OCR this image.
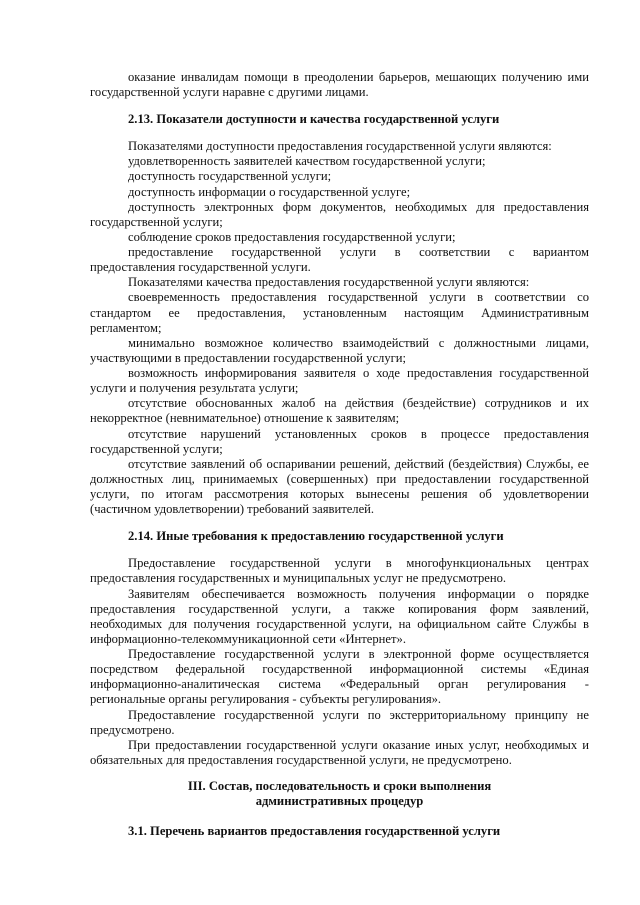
оказание инвалидам помощи в преодолении барьеров, мешающих получению ими
государственной услуги наравне с другими лицами.
2.13. Показатели доступности и качества государственной услуги
Показателями доступности предоставления государственной услуги являются:
удовлетворенность заявителей качеством государственной услуги;
доступность государственной услуги;
доступность информации о государственной услуге;
доступность электронных форм документов, необходимых для предоставления
государственной услуги;
соблюдение сроков предоставления государственной услуги;
предоставление государственной услуги в соответствии с вариантом
предоставления государственной услуги.
Показателями качества предоставления государственной услуги являются:
своевременность предоставления государственной услуги в соответствии со
стандартом ее предоставления, установленным настоящим Административным
регламентом;
минимально возможное количество взаимодействий с должностными лицами,
участвующими в предоставлении государственной услуги;
возможность информирования заявителя о ходе предоставления государственной
услуги и получения результата услуги;
отсутствие обоснованных жалоб на действия (бездействие) сотрудников и их
некорректное (невнимательное) отношение к заявителям;
отсутствие нарушений установленных сроков в процессе предоставления
государственной услуги;
отсутствие заявлений об оспаривании решений, действий (бездействия) Службы, ее
должностных лиц, принимаемых (совершенных) при предоставлении государственной
услуги, по итогам рассмотрения которых вынесены решения об удовлетворении
(частичном удовлетворении) требований заявителей.
2.14. Иные требования к предоставлению государственной услуги
Предоставление государственной услуги в многофункциональных центрах
предоставления государственных и муниципальных услуг не предусмотрено.
Заявителям обеспечивается возможность получения информации о порядке
предоставления государственной услуги, а также копирования форм заявлений,
необходимых для получения государственной услуги, на официальном сайте Службы в
информационно-телекоммуникационной сети «Интернет».
Предоставление государственной услуги в электронной форме осуществляется
посредством федеральной государственной информационной системы «Единая
информационно-аналитическая система «Федеральный орган регулирования -
региональные органы регулирования - субъекты регулирования».
Предоставление государственной услуги по экстерриториальному принципу не
предусмотрено.
При предоставлении государственной услуги оказание иных услуг, необходимых и
обязательных для предоставления государственной услуги, не предусмотрено.
III. Состав, последовательность и сроки выполнения
административных процедур
3.1. Перечень вариантов предоставления государственной услуги
